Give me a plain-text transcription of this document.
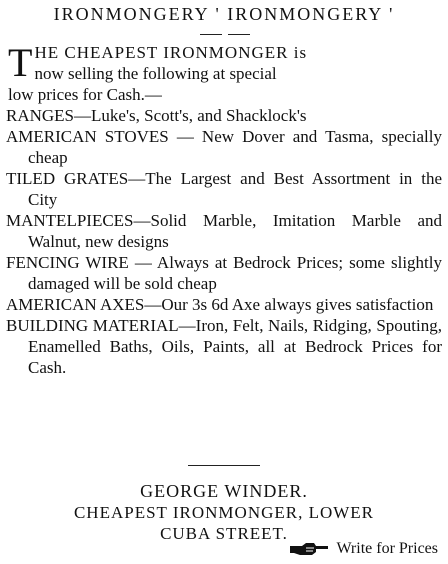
IRONMONGERY ' IRONMONGERY '
T HE CHEAPEST IRONMONGER is
now selling the following at special
low prices for Cash.—

RANGES—Luke's, Scott's, and Shacklock's

AMERICAN STOVES — New Dover and Tasma, specially cheap

TILED GRATES—The Largest and Best Assortment in the City

MANTELPIECES—Solid Marble, Imitation Marble and Walnut, new designs

FENCING WIRE — Always at Bedrock Prices; some slightly damaged will be sold cheap

AMERICAN AXES—Our 3s 6d Axe always gives satisfaction

BUILDING MATERIAL—Iron, Felt, Nails, Ridging, Spouting, Enamelled Baths, Oils, Paints, all at Bedrock Prices for Cash.

GEORGE WINDER.
CHEAPEST IRONMONGER, LOWER
CUBA STREET.
Write for Prices
